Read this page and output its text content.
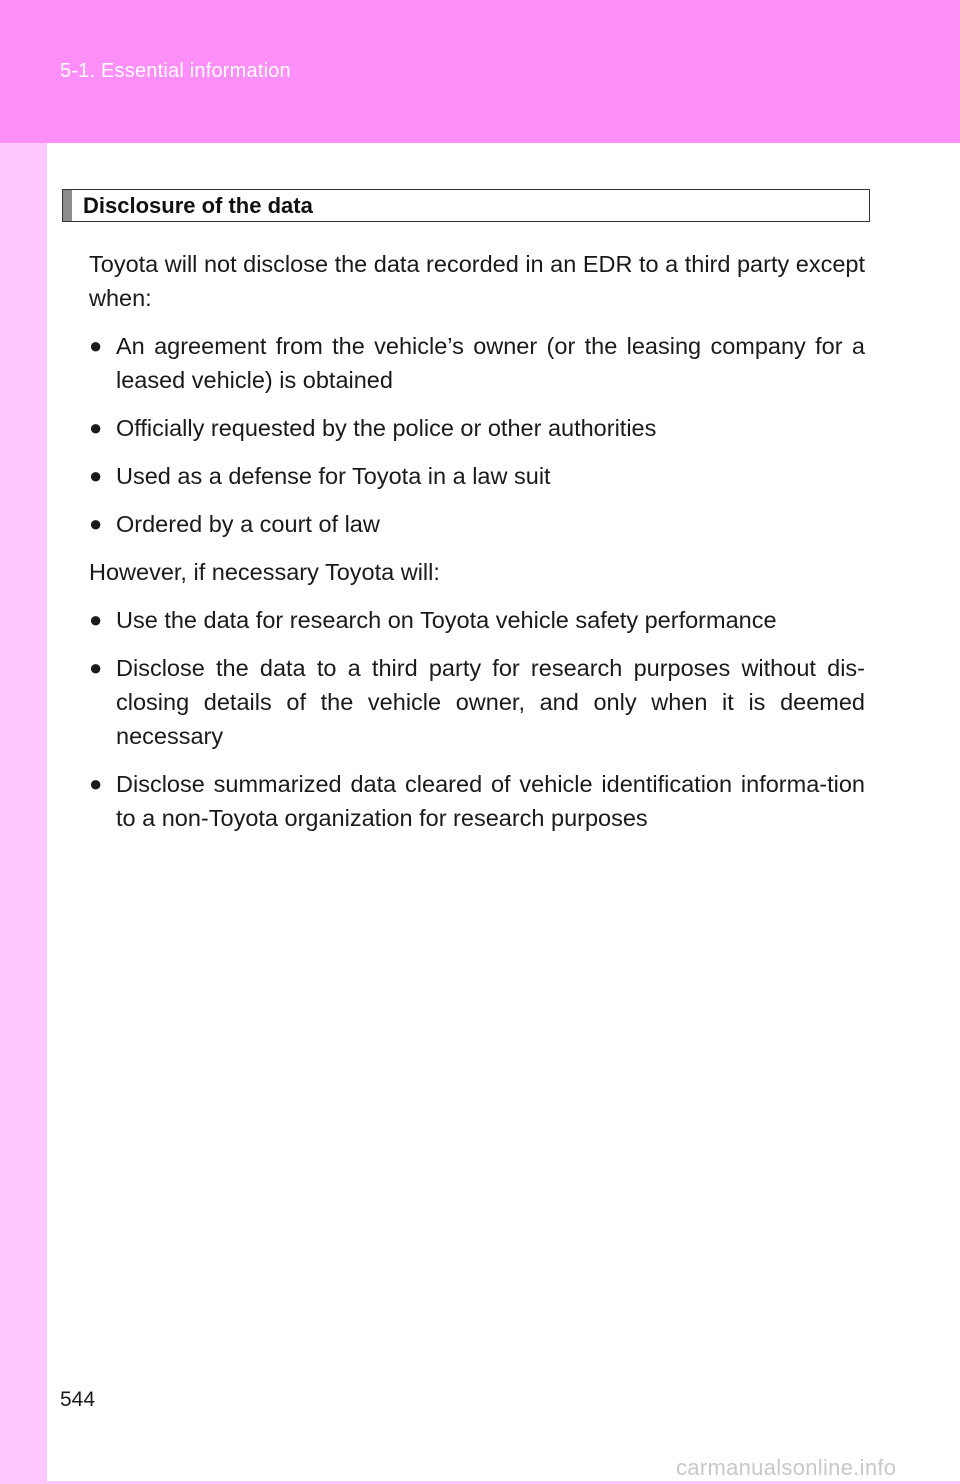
5-1. Essential information
Disclosure of the data

Toyota will not disclose the data recorded in an EDR to a third party except when:

● An agreement from the vehicle’s owner (or the leasing company for a leased vehicle) is obtained
● Officially requested by the police or other authorities
● Used as a defense for Toyota in a law suit
● Ordered by a court of law

However, if necessary Toyota will:

● Use the data for research on Toyota vehicle safety performance
● Disclose the data to a third party for research purposes without dis-closing details of the vehicle owner, and only when it is deemed necessary
● Disclose summarized data cleared of vehicle identification informa-tion to a non-Toyota organization for research purposes
544
carmanualsonline.info
